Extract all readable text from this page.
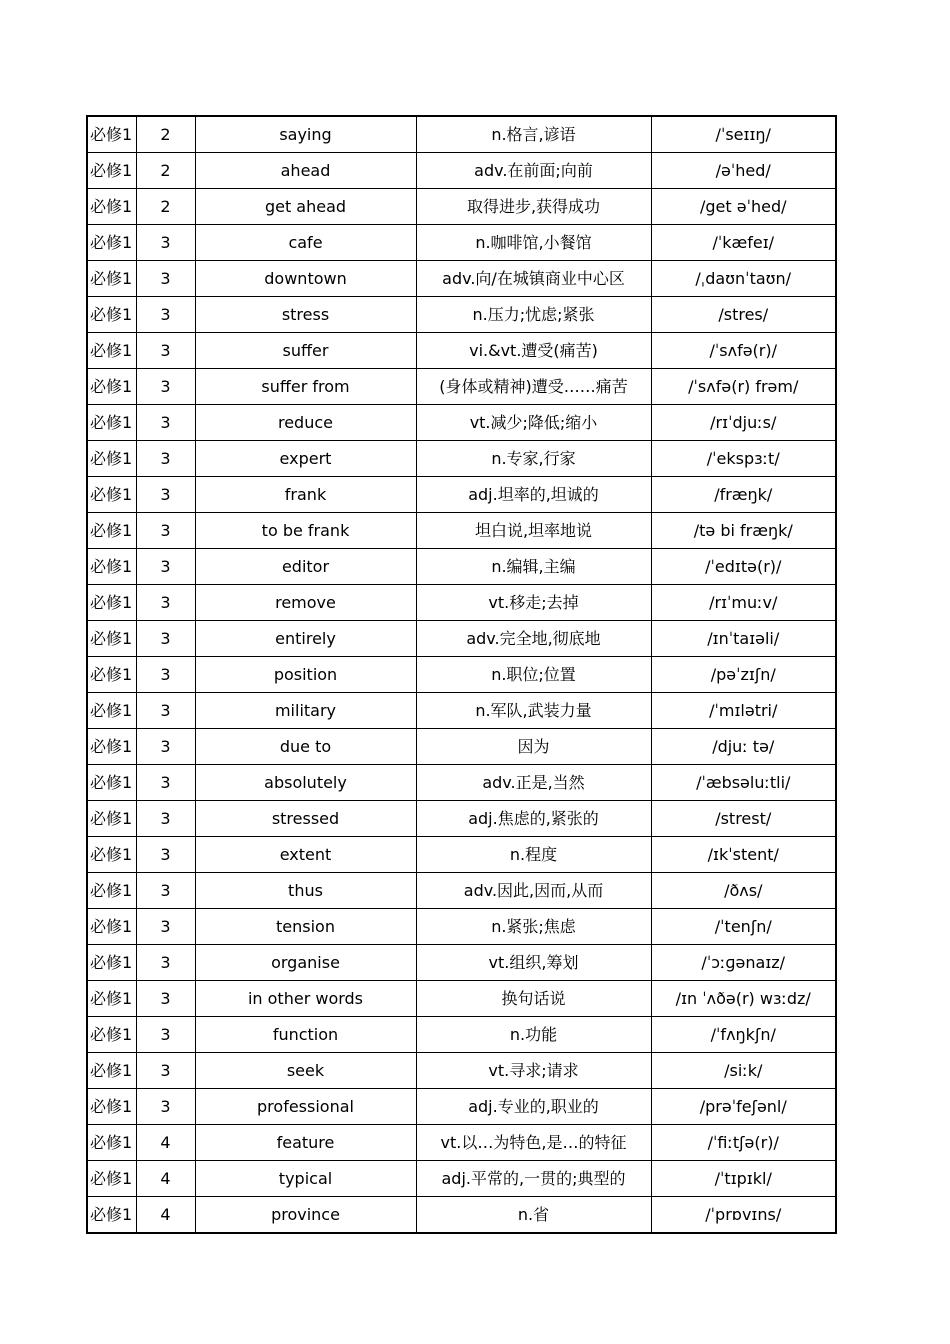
必修1	2	saying	n.格言,谚语	/ˈseɪɪŋ/
必修1	2	ahead	adv.在前面;向前	/əˈhed/
必修1	2	get ahead	取得进步,获得成功	/get əˈhed/
必修1	3	cafe	n.咖啡馆,小餐馆	/ˈkæfeɪ/
必修1	3	downtown	adv.向/在城镇商业中心区	/ˌdaʊnˈtaʊn/
必修1	3	stress	n.压力;忧虑;紧张	/stres/
必修1	3	suffer	vi.&vt.遭受(痛苦)	/ˈsʌfə(r)/
必修1	3	suffer from	(身体或精神)遭受……痛苦	/ˈsʌfə(r) frəm/
必修1	3	reduce	vt.减少;降低;缩小	/rɪˈdjuːs/
必修1	3	expert	n.专家,行家	/ˈekspɜːt/
必修1	3	frank	adj.坦率的,坦诚的	/fræŋk/
必修1	3	to be frank	坦白说,坦率地说	/tə bi fræŋk/
必修1	3	editor	n.编辑,主编	/ˈedɪtə(r)/
必修1	3	remove	vt.移走;去掉	/rɪˈmuːv/
必修1	3	entirely	adv.完全地,彻底地	/ɪnˈtaɪəli/
必修1	3	position	n.职位;位置	/pəˈzɪʃn/
必修1	3	military	n.军队,武装力量	/ˈmɪlətri/
必修1	3	due to	因为	/djuː tə/
必修1	3	absolutely	adv.正是,当然	/ˈæbsəluːtli/
必修1	3	stressed	adj.焦虑的,紧张的	/strest/
必修1	3	extent	n.程度	/ɪkˈstent/
必修1	3	thus	adv.因此,因而,从而	/ðʌs/
必修1	3	tension	n.紧张;焦虑	/ˈtenʃn/
必修1	3	organise	vt.组织,筹划	/ˈɔːɡənaɪz/
必修1	3	in other words	换句话说	/ɪn ˈʌðə(r) wɜːdz/
必修1	3	function	n.功能	/ˈfʌŋkʃn/
必修1	3	seek	vt.寻求;请求	/siːk/
必修1	3	professional	adj.专业的,职业的	/prəˈfeʃənl/
必修1	4	feature	vt.以…为特色,是…的特征	/ˈfiːtʃə(r)/
必修1	4	typical	adj.平常的,一贯的;典型的	/ˈtɪpɪkl/
必修1	4	province	n.省	/ˈprɒvɪns/
